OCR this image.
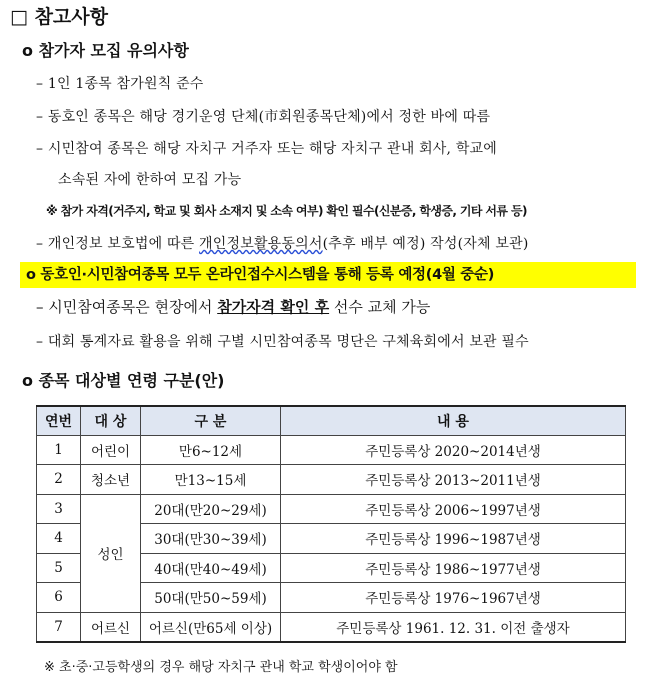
□ 참고사항
o 참가자 모집 유의사항
– 1인 1종목 참가원칙 준수
– 동호인 종목은 해당 경기운영 단체(市회원종목단체)에서 정한 바에 따름
– 시민참여 종목은 해당 자치구 거주자 또는 해당 자치구 관내 회사, 학교에
소속된 자에 한하여 모집 가능
※ 참가 자격(거주지, 학교 및 회사 소재지 및 소속 여부) 확인 필수(신분증, 학생증, 기타 서류 등)
– 개인정보 보호법에 따른 개인정보활용동의서(추후 배부 예정) 작성(자체 보관)
o 동호인·시민참여종목 모두 온라인접수시스템을 통해 등록 예정(4월 중순)
– 시민참여종목은 현장에서 참가자격 확인 후 선수 교체 가능
– 대회 통계자료 활용을 위해 구별 시민참여종목 명단은 구체육회에서 보관 필수
o 종목 대상별 연령 구분(안)
연번	대 상	구 분	내 용
1	어린이	만6~12세	주민등록상 2020~2014년생
2	청소년	만13~15세	주민등록상 2013~2011년생
3	성인	20대(만20~29세)	주민등록상 2006~1997년생
4		30대(만30~39세)	주민등록상 1996~1987년생
5		40대(만40~49세)	주민등록상 1986~1977년생
6		50대(만50~59세)	주민등록상 1976~1967년생
7	어르신	어르신(만65세 이상)	주민등록상 1961. 12. 31. 이전 출생자
※ 초·중·고등학생의 경우 해당 자치구 관내 학교 학생이어야 함
